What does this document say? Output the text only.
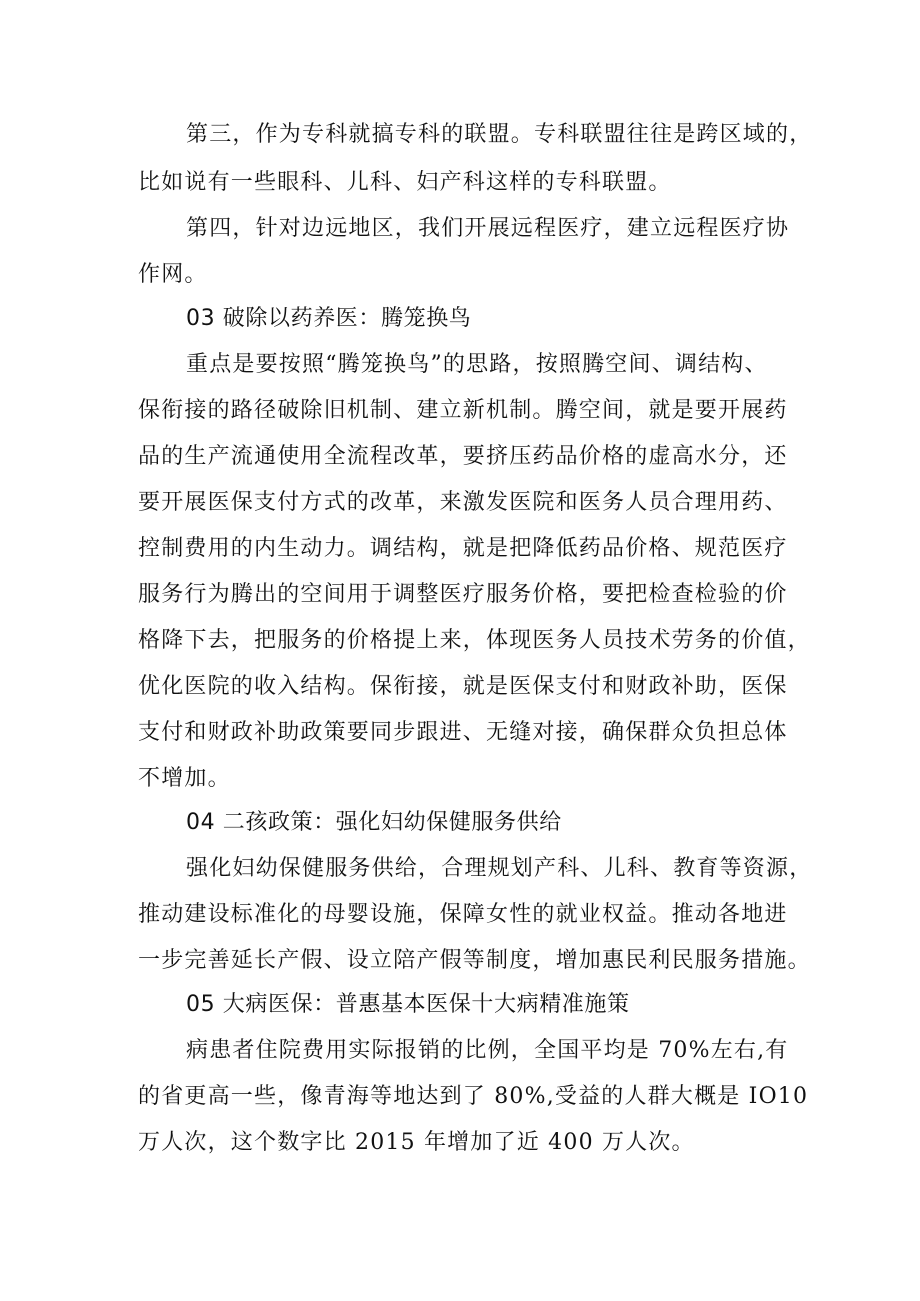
第三，作为专科就搞专科的联盟。专科联盟往往是跨区域的，
比如说有一些眼科、儿科、妇产科这样的专科联盟。
第四，针对边远地区，我们开展远程医疗，建立远程医疗协
作网。
03 破除以药养医：腾笼换鸟
重点是要按照“腾笼换鸟”的思路，按照腾空间、调结构、
保衔接的路径破除旧机制、建立新机制。腾空间，就是要开展药
品的生产流通使用全流程改革，要挤压药品价格的虚高水分，还
要开展医保支付方式的改革，来激发医院和医务人员合理用药、
控制费用的内生动力。调结构，就是把降低药品价格、规范医疗
服务行为腾出的空间用于调整医疗服务价格，要把检查检验的价
格降下去，把服务的价格提上来，体现医务人员技术劳务的价值，
优化医院的收入结构。保衔接，就是医保支付和财政补助，医保
支付和财政补助政策要同步跟进、无缝对接，确保群众负担总体
不增加。
04 二孩政策：强化妇幼保健服务供给
强化妇幼保健服务供给，合理规划产科、儿科、教育等资源，
推动建设标准化的母婴设施，保障女性的就业权益。推动各地进
一步完善延长产假、设立陪产假等制度，增加惠民利民服务措施。
05 大病医保：普惠基本医保十大病精准施策
病患者住院费用实际报销的比例，全国平均是 70%左右,有
的省更高一些，像青海等地达到了 80%,受益的人群大概是 IO10
万人次，这个数字比 2015 年增加了近 400 万人次。
